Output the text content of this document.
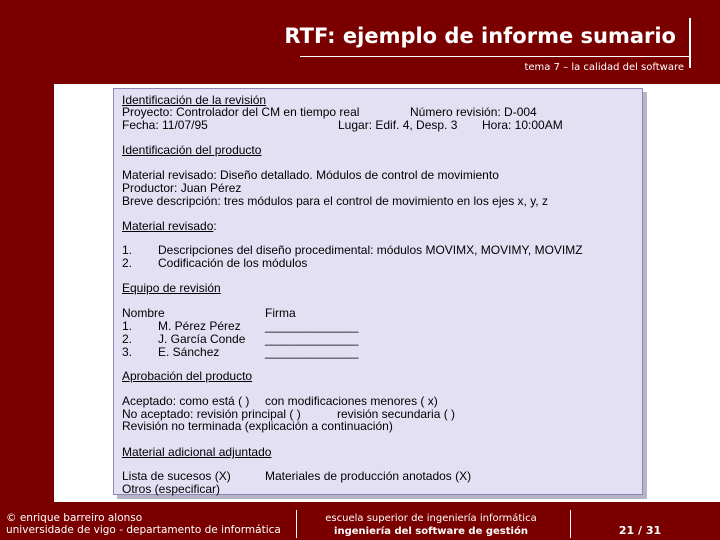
RTF: ejemplo de informe sumario
tema 7 – la calidad del software
Identificación de la revisión
Proyecto: Controlador del CM en tiempo real	Número revisión: D-004
Fecha: 11/07/95	Lugar: Edif. 4, Desp. 3 Hora: 10:00AM
Identificación del producto
Material revisado: Diseño detallado. Módulos de control de movimiento
Productor: Juan Pérez
Breve descripción: tres módulos para el control de movimiento en los ejes x, y, z
Material revisado:
1. Descripciones del diseño procedimental: módulos MOVIMX, MOVIMY, MOVIMZ
2. Codificación de los módulos
Equipo de revisión
Nombre	Firma
1. M. Pérez Pérez ______________
2. J. García Conde ______________
3. E. Sánchez	______________
Aprobación del producto
Aceptado: como está ( ) con modificaciones menores ( x)
No aceptado: revisión principal ( )	revisión secundaria ( )
Revisión no terminada (explicación a continuación)
Material adicional adjuntado
Lista de sucesos (X)	Materiales de producción anotados (X)
Otros (especificar)
© enrique barreiro alonso
universidade de vigo - departamento de informática
escuela superior de ingeniería informática
ingeniería del software de gestión	21 / 31
